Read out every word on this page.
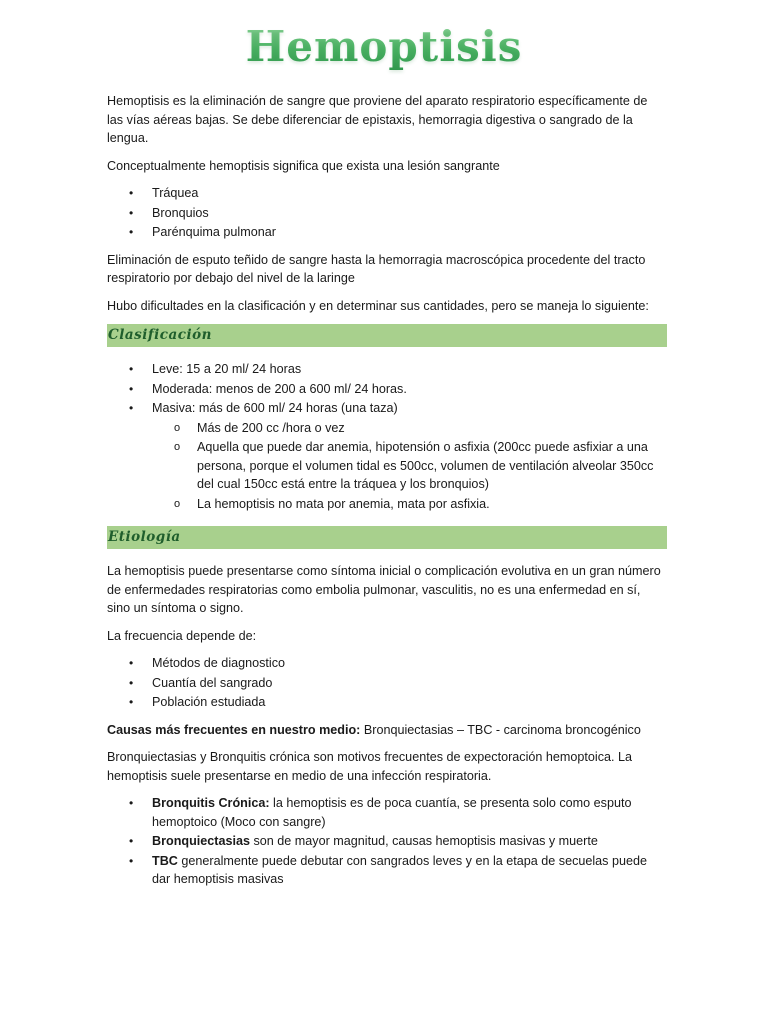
Hemoptisis

Hemoptisis es la eliminación de sangre que proviene del aparato respiratorio específicamente de las vías aéreas bajas. Se debe diferenciar de epistaxis, hemorragia digestiva o sangrado de la lengua.

Conceptualmente hemoptisis significa que exista una lesión sangrante

• Tráquea
• Bronquios
• Parénquima pulmonar

Eliminación de esputo teñido de sangre hasta la hemorragia macroscópica procedente del tracto respiratorio por debajo del nivel de la laringe

Hubo dificultades en la clasificación y en determinar sus cantidades, pero se maneja lo siguiente:

Clasificación
• Leve: 15 a 20 ml/ 24 horas
• Moderada: menos de 200 a 600 ml/ 24 horas.
• Masiva: más de 600 ml/ 24 horas (una taza)
o Más de 200 cc /hora o vez
o Aquella que puede dar anemia, hipotensión o asfixia (200cc puede asfixiar a una persona, porque el volumen tidal es 500cc, volumen de ventilación alveolar 350cc del cual 150cc está entre la tráquea y los bronquios)
o La hemoptisis no mata por anemia, mata por asfixia.
Etiología

La hemoptisis puede presentarse como síntoma inicial o complicación evolutiva en un gran número de enfermedades respiratorias como embolia pulmonar, vasculitis, no es una enfermedad en sí, sino un síntoma o signo.

La frecuencia depende de:

• Métodos de diagnostico
• Cuantía del sangrado
• Población estudiada

Causas más frecuentes en nuestro medio: Bronquiectasias – TBC - carcinoma broncogénico

Bronquiectasias y Bronquitis crónica son motivos frecuentes de expectoración hemoptoica. La hemoptisis suele presentarse en medio de una infección respiratoria.

• Bronquitis Crónica: la hemoptisis es de poca cuantía, se presenta solo como esputo hemoptoico (Moco con sangre)
• Bronquiectasias son de mayor magnitud, causas hemoptisis masivas y muerte
• TBC generalmente puede debutar con sangrados leves y en la etapa de secuelas puede dar hemoptisis masivas
